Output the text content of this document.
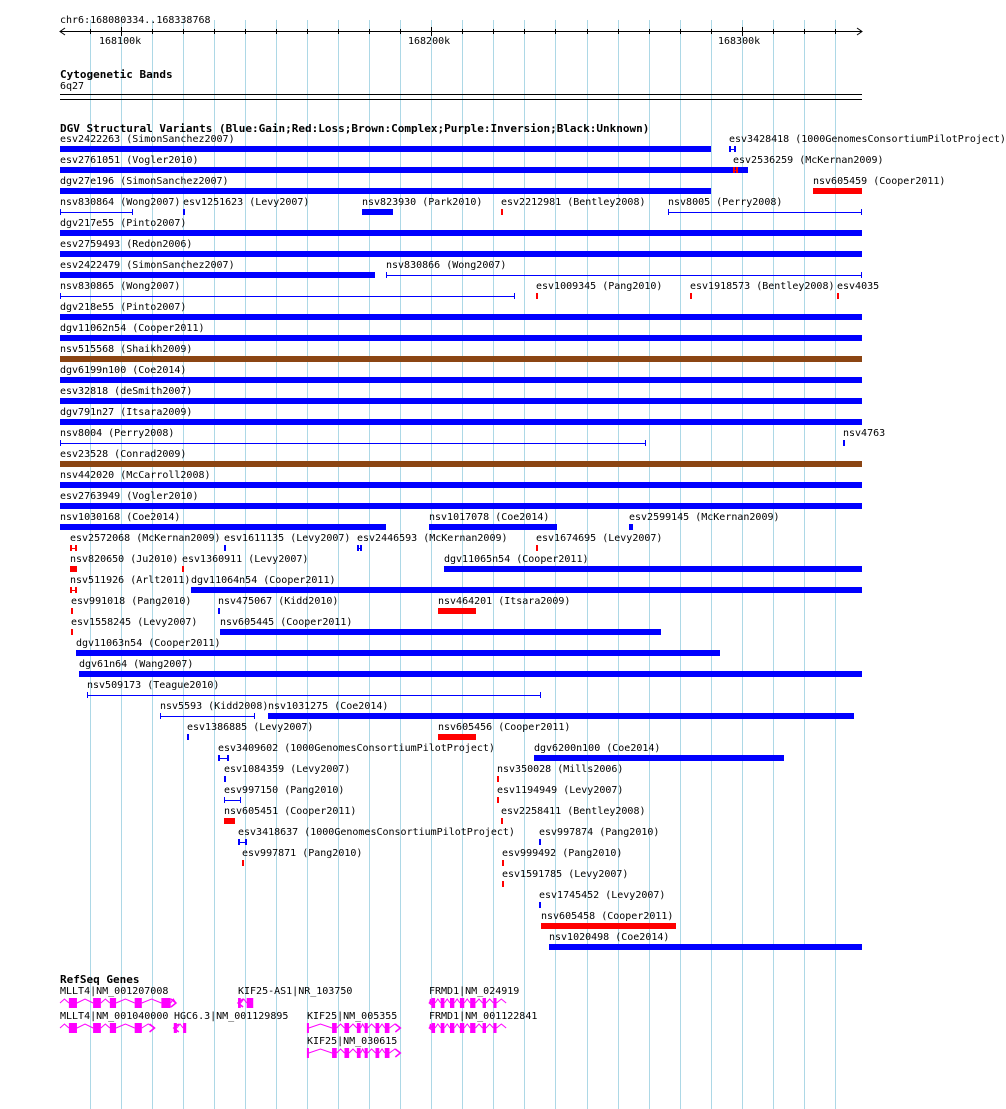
chr6:168080334..168338768
168100k	168200k	168300k
Cytogenetic Bands
6q27
DGV Structural Variants (Blue:Gain;Red:Loss;Brown:Complex;Purple:Inversion;Black:Unknown)
esv2422263 (SimonSanchez2007)	esv3428418 (1000GenomesConsortiumPilotProject)
esv2761051 (Vogler2010)	esv2536259 (McKernan2009)
dgv27e196 (SimonSanchez2007)	nsv605459 (Cooper2011)
nsv830864 (Wong2007) esv1251623 (Levy2007)	nsv823930 (Park2010) esv2212981 (Bentley2008) nsv8005 (Perry2008)
dgv217e55 (Pinto2007)
esv2759493 (Redon2006)
esv2422479 (SimonSanchez2007)	nsv830866 (Wong2007)
nsv830865 (Wong2007)	esv1009345 (Pang2010)	esv1918573 (Bentley2008) esv4035
dgv218e55 (Pinto2007)
dgv11062n54 (Cooper2011)
nsv515568 (Shaikh2009)
dgv6199n100 (Coe2014)
esv32818 (deSmith2007)
dgv791n27 (Itsara2009)
nsv8004 (Perry2008)	nsv4763
esv23528 (Conrad2009)
nsv442020 (McCarroll2008)
esv2763949 (Vogler2010)
nsv1030168 (Coe2014)	nsv1017078 (Coe2014)	esv2599145 (McKernan2009)
esv2572068 (McKernan2009) esv1611135 (Levy2007) esv2446593 (McKernan2009)	esv1674695 (Levy2007)
nsv820650 (Ju2010) esv1360911 (Levy2007)	dgv11065n54 (Cooper2011)
nsv511926 (Arlt2011) dgv11064n54 (Cooper2011)
esv991018 (Pang2010)	nsv475067 (Kidd2010)	nsv464201 (Itsara2009)
esv1558245 (Levy2007) nsv605445 (Cooper2011)
dgv11063n54 (Cooper2011)
dgv61n64 (Wang2007)
nsv509173 (Teague2010)
nsv5593 (Kidd2008) nsv1031275 (Coe2014)
esv1386885 (Levy2007)	nsv605456 (Cooper2011)
esv3409602 (1000GenomesConsortiumPilotProject)	dgv6200n100 (Coe2014)
esv1084359 (Levy2007)	nsv350028 (Mills2006)
esv997150 (Pang2010)	esv1194949 (Levy2007)
nsv605451 (Cooper2011)	esv2258411 (Bentley2008)
esv3418637 (1000GenomesConsortiumPilotProject) esv997874 (Pang2010)
esv997871 (Pang2010)	esv999492 (Pang2010)
esv1591785 (Levy2007)
esv1745452 (Levy2007)
nsv605458 (Cooper2011)
nsv1020498 (Coe2014)
RefSeq Genes
MLLT4|NM_001207008	KIF25-AS1|NR_103750	FRMD1|NM_024919
MLLT4|NM_001040000 HGC6.3|NM_001129895 KIF25|NM_005355	FRMD1|NM_001122841
KIF25|NM_030615
